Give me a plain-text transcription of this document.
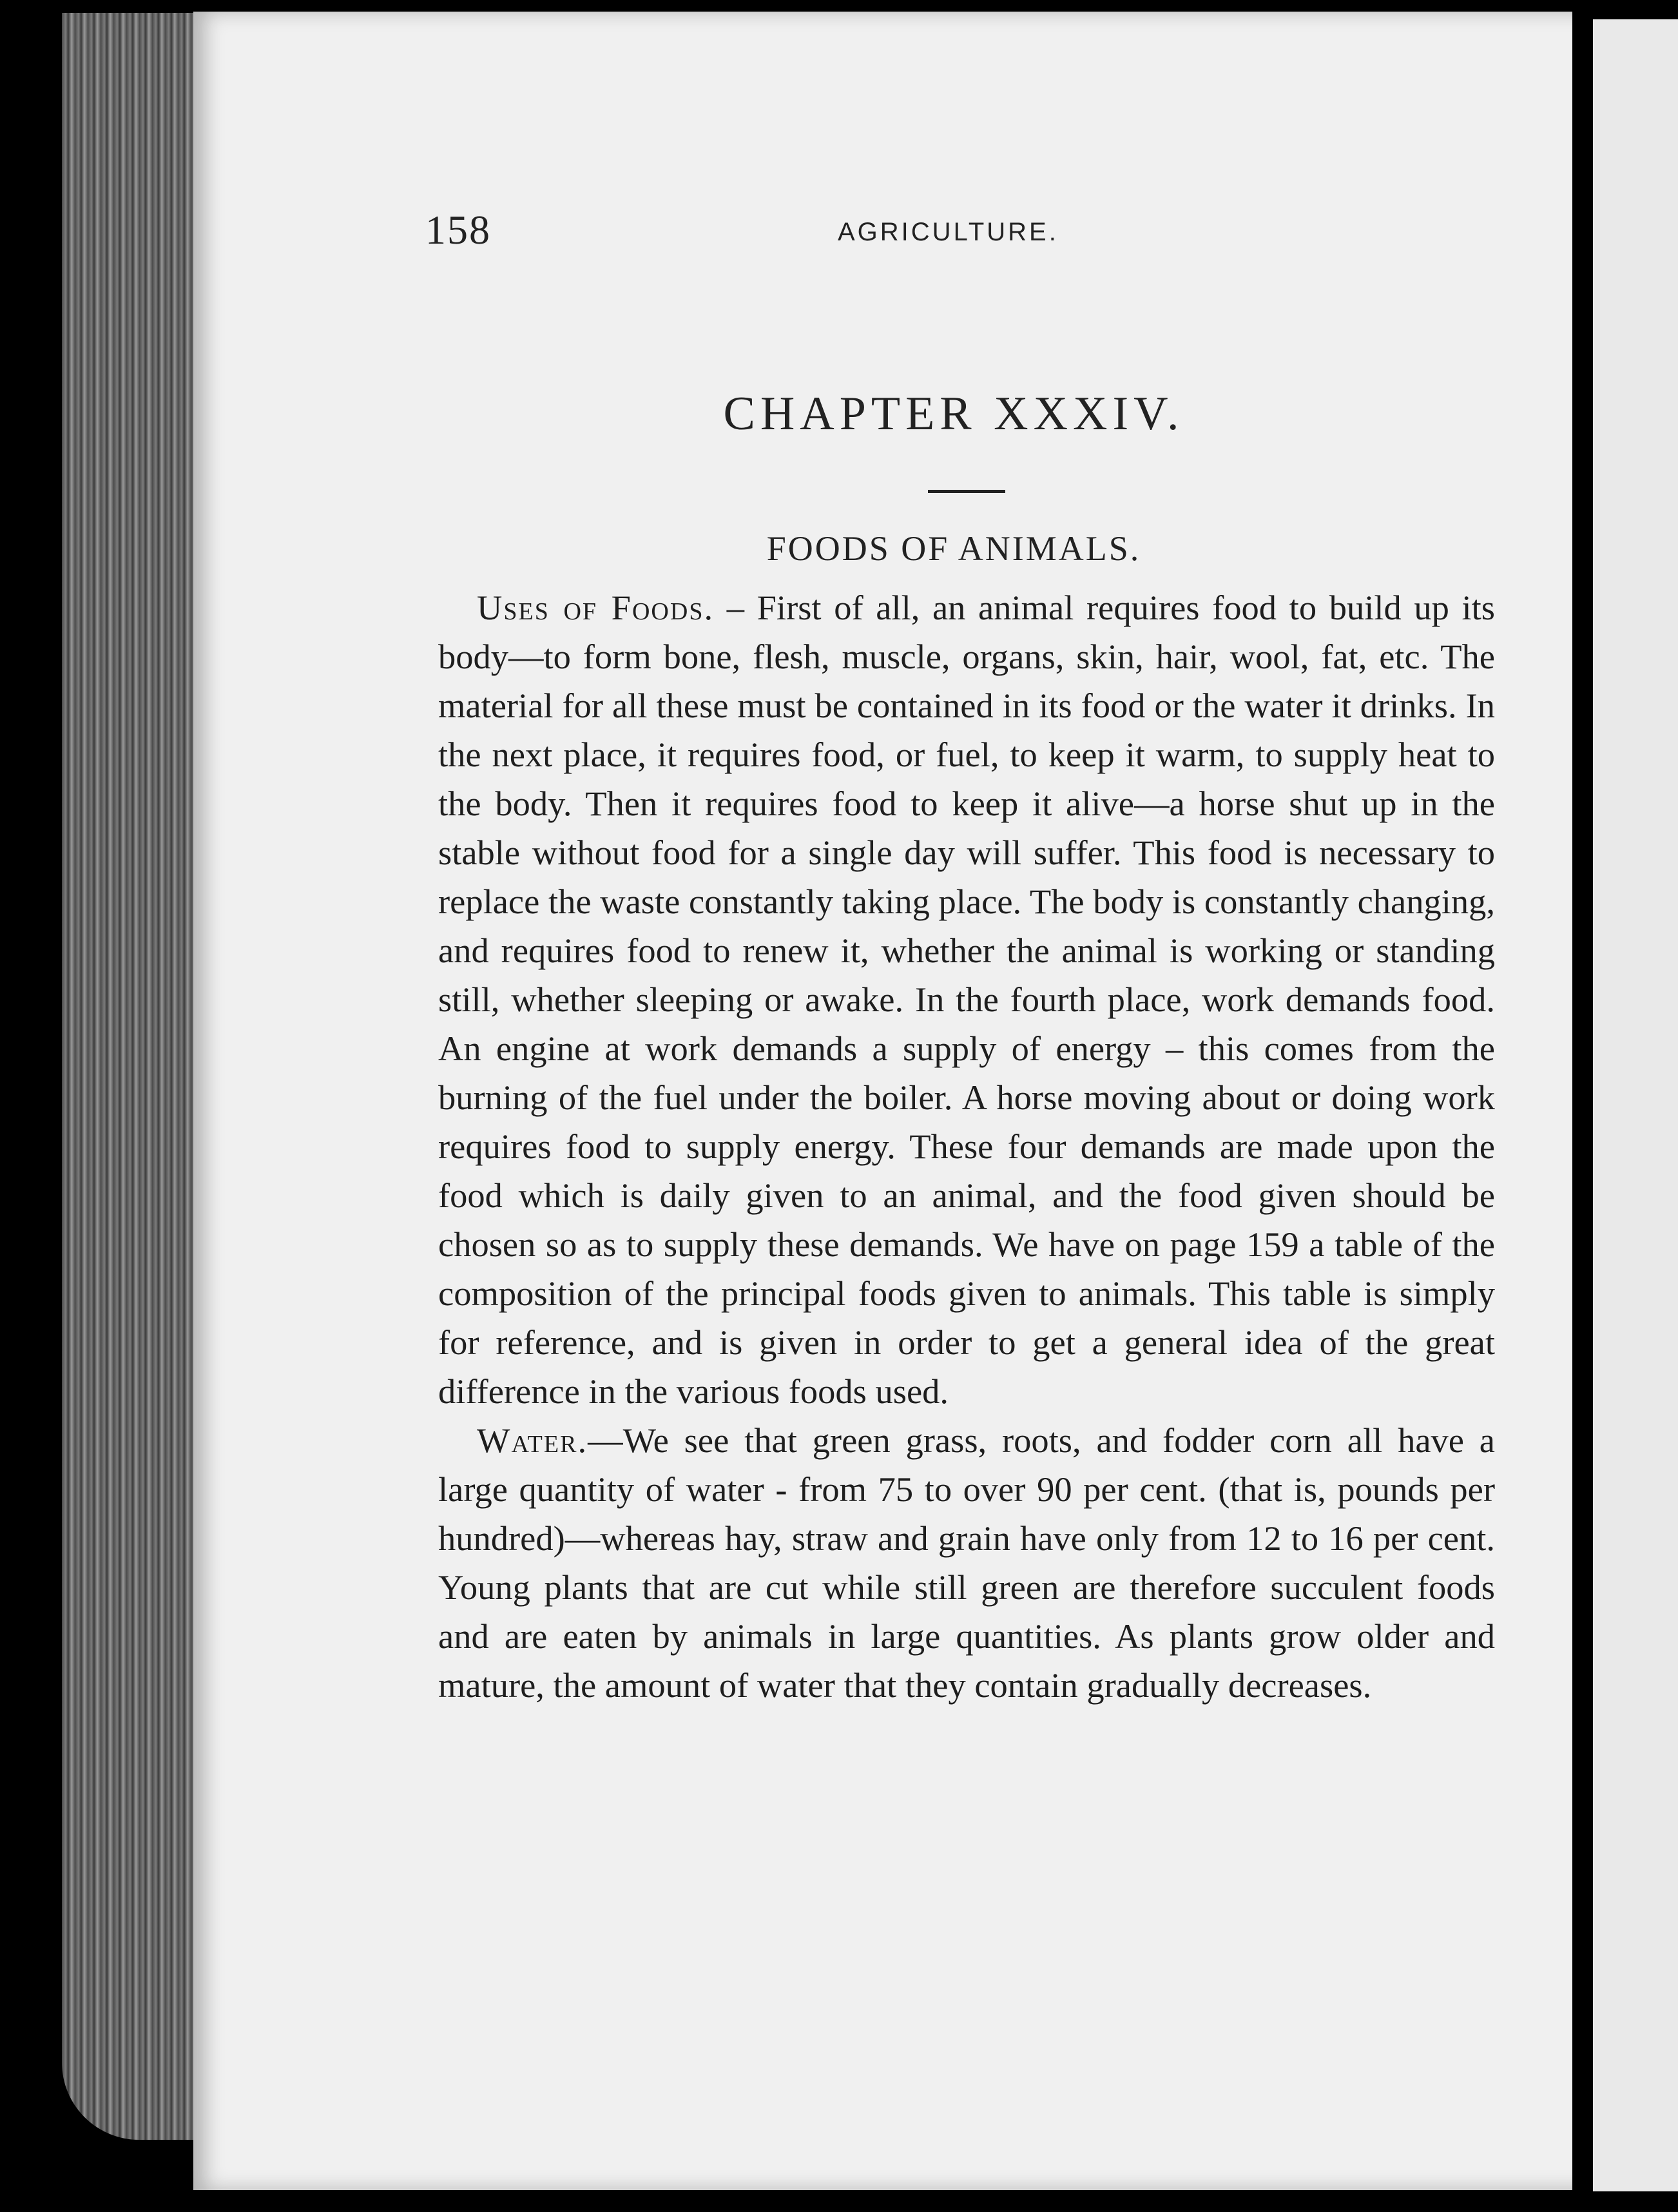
158	AGRICULTURE.
CHAPTER XXXIV.
FOODS OF ANIMALS.

Uses of Foods. – First of all, an animal requires food to build up its body—to form bone, flesh, muscle, organs, skin, hair, wool, fat, etc. The material for all these must be contained in its food or the water it drinks. In the next place, it requires food, or fuel, to keep it warm, to supply heat to the body. Then it requires food to keep it alive—a horse shut up in the stable without food for a single day will suffer. This food is necessary to replace the waste constantly taking place. The body is constantly changing, and requires food to renew it, whether the animal is working or standing still, whether sleeping or awake. In the fourth place, work demands food. An engine at work demands a supply of energy – this comes from the burning of the fuel under the boiler. A horse moving about or doing work requires food to supply energy. These four demands are made upon the food which is daily given to an animal, and the food given should be chosen so as to supply these demands. We have on page 159 a table of the composition of the principal foods given to animals. This table is simply for reference, and is given in order to get a general idea of the great difference in the various foods used.

Water.—We see that green grass, roots, and fodder corn all have a large quantity of water - from 75 to over 90 per cent. (that is, pounds per hundred)—whereas hay, straw and grain have only from 12 to 16 per cent. Young plants that are cut while still green are therefore succulent foods and are eaten by animals in large quantities. As plants grow older and mature, the amount of water that they contain gradually decreases.
